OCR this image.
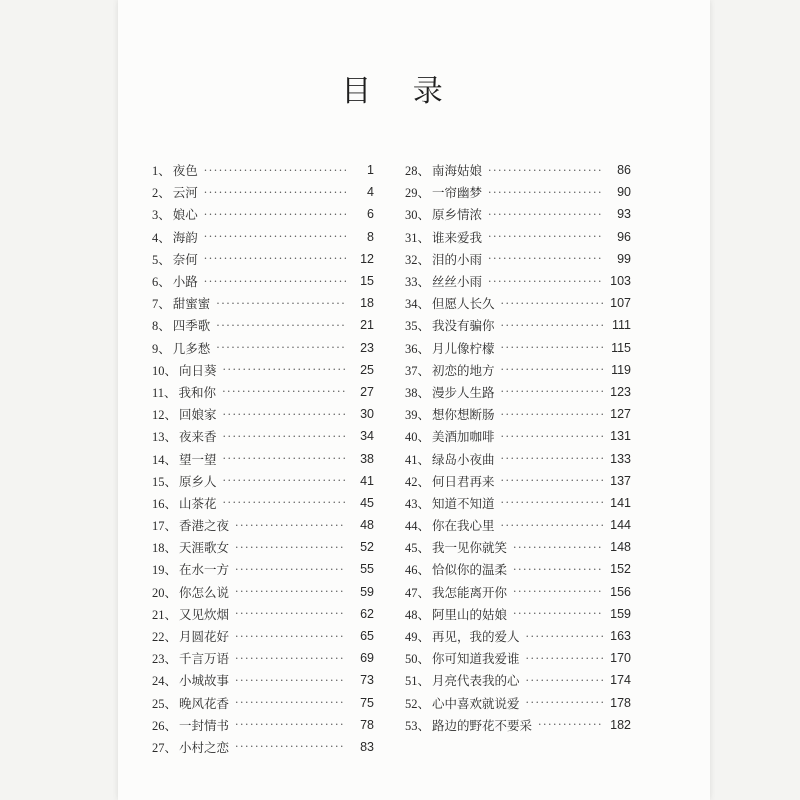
目 录
1、 夜色 ·····	1
2、 云河 ·····	4
3、 娘心 ·····	6
4、 海韵 ·····	8
5、 奈何 ·····	12
6、 小路 ·····	15
7、 甜蜜蜜 ·····	18
8、 四季歌 ·····	21
9、 几多愁 ·····	23
10、 向日葵 ·····	25
11、 我和你 ·····	27
12、 回娘家 ·····	30
13、 夜来香 ·····	34
14、 望一望 ·····	38
15、 原乡人 ·····	41
16、 山茶花 ·····	45
17、 香港之夜 ·····	48
18、 天涯歌女 ·····	52
19、 在水一方 ·····	55
20、 你怎么说 ·····	59
21、 又见炊烟 ·····	62
22、 月圆花好 ·····	65
23、 千言万语 ·····	69
24、 小城故事 ·····	73
25、 晚风花香 ·····	75
26、 一封情书 ·····	78
27、 小村之恋 ·····	83
28、 南海姑娘 ·····	86
29、 一帘幽梦 ·····	90
30、 原乡情浓 ·····	93
31、 谁来爱我 ·····	96
32、 泪的小雨 ·····	99
33、 丝丝小雨 ·····	103
34、 但愿人长久 ·····	107
35、 我没有骗你 ·····	111
36、 月儿像柠檬 ·····	115
37、 初恋的地方 ·····	119
38、 漫步人生路 ·····	123
39、 想你想断肠 ·····	127
40、 美酒加咖啡 ·····	131
41、 绿岛小夜曲 ·····	133
42、 何日君再来 ·····	137
43、 知道不知道 ·····	141
44、 你在我心里 ·····	144
45、 我一见你就笑 ·····	148
46、 恰似你的温柔 ·····	152
47、 我怎能离开你 ·····	156
48、 阿里山的姑娘 ·····	159
49、 再见，我的爱人 ·····	163
50、 你可知道我爱谁 ·····	170
51、 月亮代表我的心 ·····	174
52、 心中喜欢就说爱 ·····	178
53、 路边的野花不要采 ·····	182
